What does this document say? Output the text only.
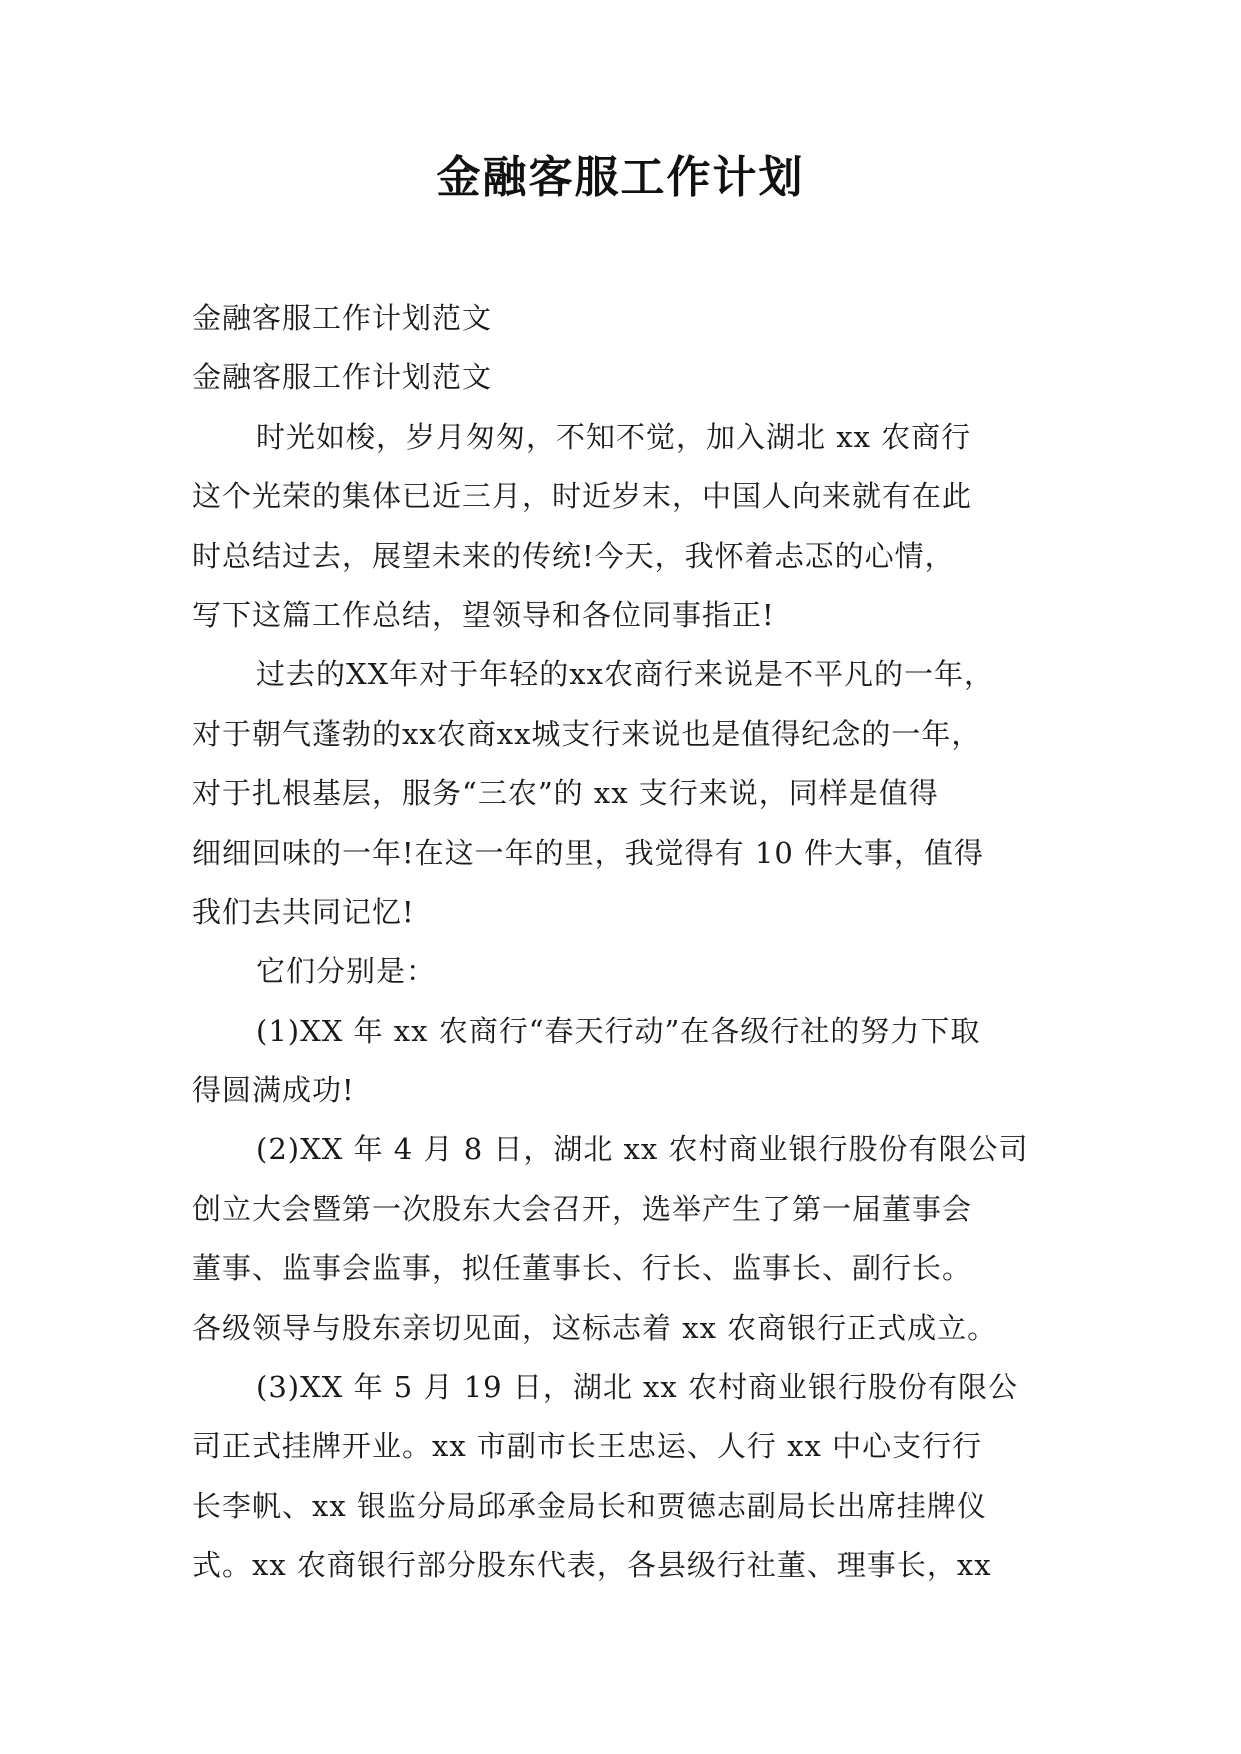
金融客服工作计划
金融客服工作计划范文
金融客服工作计划范文
时光如梭，岁月匆匆，不知不觉，加入湖北 xx 农商行
这个光荣的集体已近三月，时近岁末，中国人向来就有在此
时总结过去，展望未来的传统!今天，我怀着忐忑的心情，
写下这篇工作总结，望领导和各位同事指正!
过去的XX年对于年轻的xx农商行来说是不平凡的一年，
对于朝气蓬勃的xx农商xx城支行来说也是值得纪念的一年，
对于扎根基层，服务“三农”的 xx 支行来说，同样是值得
细细回味的一年!在这一年的里，我觉得有 10 件大事，值得
我们去共同记忆!
它们分别是：
(1)XX 年 xx 农商行“春天行动”在各级行社的努力下取
得圆满成功!
(2)XX 年 4 月 8 日，湖北 xx 农村商业银行股份有限公司
创立大会暨第一次股东大会召开，选举产生了第一届董事会
董事、监事会监事，拟任董事长、行长、监事长、副行长。
各级领导与股东亲切见面，这标志着 xx 农商银行正式成立。
(3)XX 年 5 月 19 日，湖北 xx 农村商业银行股份有限公
司正式挂牌开业。xx 市副市长王忠运、人行 xx 中心支行行
长李帆、xx 银监分局邱承金局长和贾德志副局长出席挂牌仪
式。xx 农商银行部分股东代表，各县级行社董、理事长，xx
